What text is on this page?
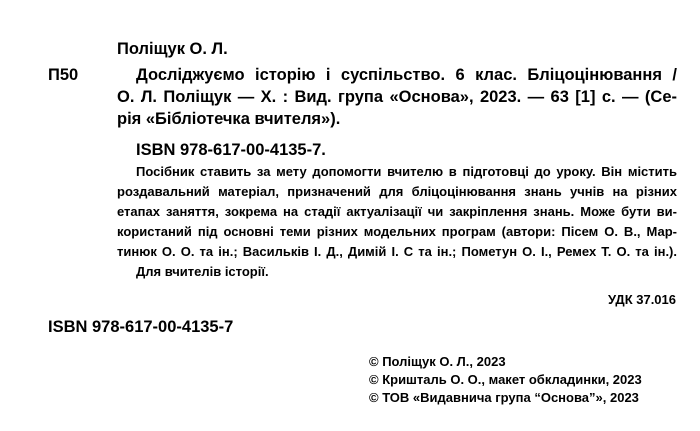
Поліщук О. Л.
П50	Досліджуємо історію і суспільство. 6 клас. Бліцоцінювання /
О. Л. Поліщук — Х. : Вид. група «Основа», 2023. — 63 [1] с. — (Се-
рія «Бібліотечка вчителя»).
ISBN 978-617-00-4135-7.
Посібник ставить за мету допомогти вчителю в підготовці до уроку. Він містить
роздавальний матеріал, призначений для бліцоцінювання знань учнів на різних
етапах заняття, зокрема на стадії актуалізації чи закріплення знань. Може бути ви-
користаний під основні теми різних модельних програм (автори: Пісем О. В., Мар-
тинюк О. О. та ін.; Васильків І. Д., Димій І. С та ін.; Пометун О. І., Ремех Т. О. та ін.).
Для вчителів історії.
УДК 37.016
ISBN 978-617-00-4135-7
© Поліщук О. Л., 2023
© Кришталь О. О., макет обкладинки, 2023
© ТОВ «Видавнича група “Основа”», 2023
